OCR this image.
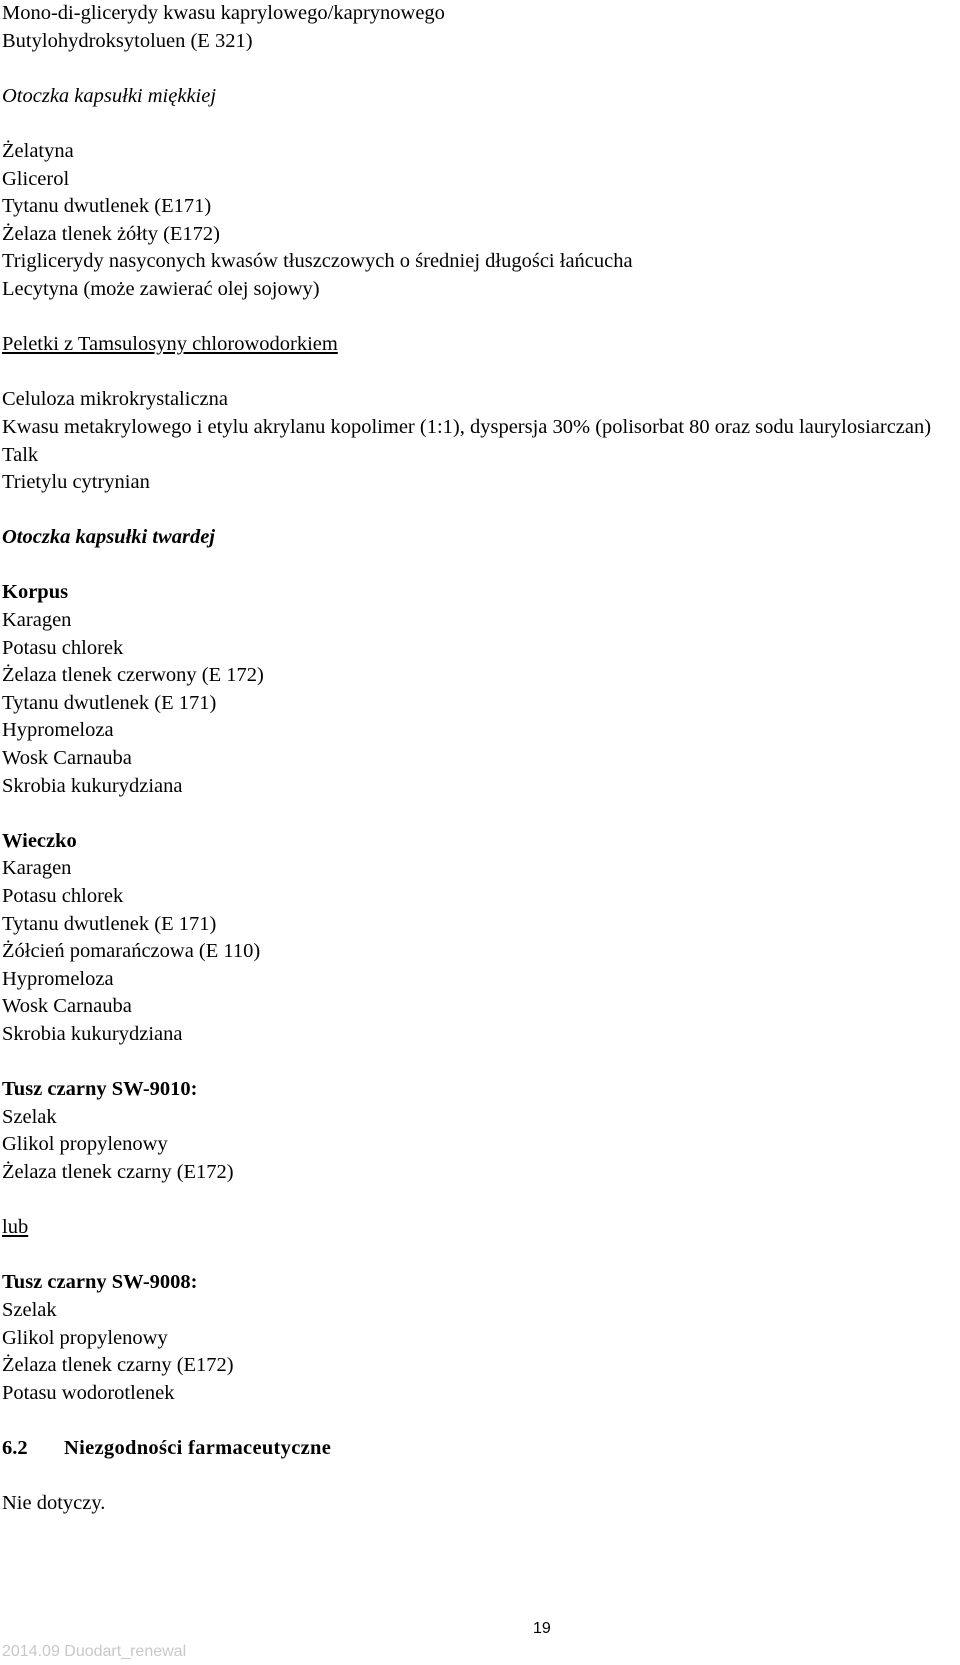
Mono-di-glicerydy kwasu kaprylowego/kaprynowego
Butylohydroksytoluen (E 321)
Otoczka kapsułki miękkiej
Żelatyna
Glicerol
Tytanu dwutlenek (E171)
Żelaza tlenek żółty (E172)
Triglicerydy nasyconych kwasów tłuszczowych o średniej długości łańcucha
Lecytyna (może zawierać olej sojowy)
Peletki z Tamsulosyny chlorowodorkiem
Celuloza mikrokrystaliczna
Kwasu metakrylowego i etylu akrylanu kopolimer (1:1), dyspersja 30% (polisorbat 80 oraz sodu laurylosiarczan)
Talk
Trietylu cytrynian
Otoczka kapsułki twardej
Korpus
Karagen
Potasu chlorek
Żelaza tlenek czerwony (E 172)
Tytanu dwutlenek (E 171)
Hypromeloza
Wosk Carnauba
Skrobia kukurydziana
Wieczko
Karagen
Potasu chlorek
Tytanu dwutlenek (E 171)
Żółcień pomarańczowa (E 110)
Hypromeloza
Wosk Carnauba
Skrobia kukurydziana
Tusz czarny SW-9010:
Szelak
Glikol propylenowy
Żelaza tlenek czarny (E172)
lub
Tusz czarny SW-9008:
Szelak
Glikol propylenowy
Żelaza tlenek czarny (E172)
Potasu wodorotlenek
6.2 Niezgodności farmaceutyczne
Nie dotyczy.
19
2014.09 Duodart_renewal
